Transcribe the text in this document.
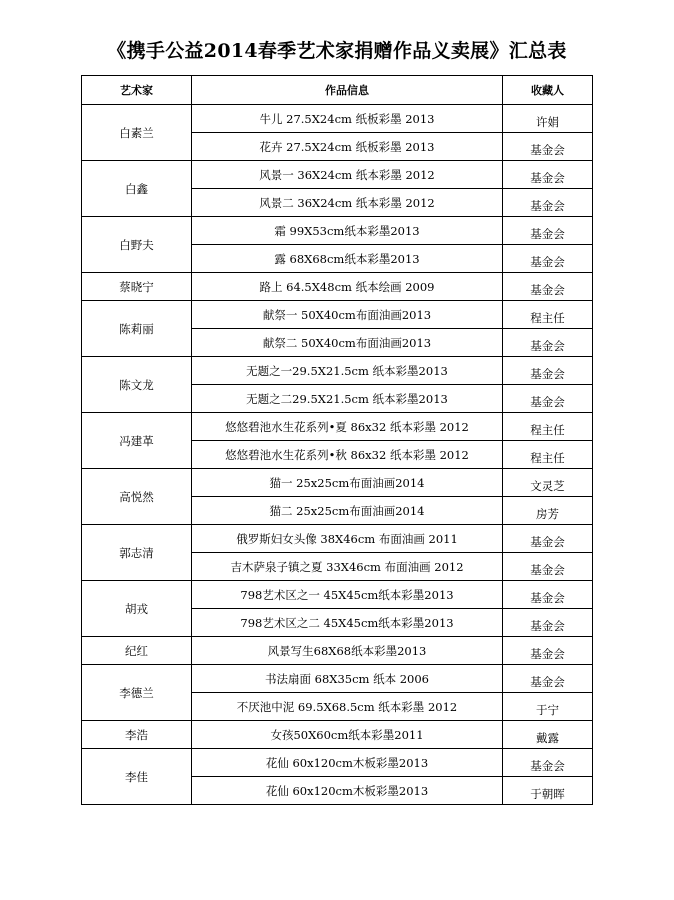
《携手公益2014春季艺术家捐赠作品义卖展》汇总表
艺术家	作品信息	收藏人
白素兰	牛儿 27.5X24cm 纸板彩墨 2013	许娟
	花卉 27.5X24cm 纸板彩墨 2013	基金会
白鑫	风景一 36X24cm 纸本彩墨 2012	基金会
	风景二 36X24cm 纸本彩墨 2012	基金会
白野夫	霜 99X53cm纸本彩墨2013	基金会
	露 68X68cm纸本彩墨2013	基金会
蔡晓宁	路上 64.5X48cm 纸本绘画 2009	基金会
陈莉丽	献祭一 50X40cm布面油画2013	程主任
	献祭二 50X40cm布面油画2013	基金会
陈文龙	无题之一29.5X21.5cm 纸本彩墨2013	基金会
	无题之二29.5X21.5cm 纸本彩墨2013	基金会
冯建革	悠悠碧池水生花系列•夏 86x32 纸本彩墨 2012	程主任
	悠悠碧池水生花系列•秋 86x32 纸本彩墨 2012	程主任
高悦然	猫一 25x25cm布面油画2014	文灵芝
	猫二 25x25cm布面油画2014	房芳
郭志清	俄罗斯妇女头像 38X46cm 布面油画 2011	基金会
	吉木萨泉子镇之夏 33X46cm 布面油画 2012	基金会
胡戎	798艺术区之一 45X45cm纸本彩墨2013	基金会
	798艺术区之二 45X45cm纸本彩墨2013	基金会
纪红	风景写生68X68纸本彩墨2013	基金会
李德兰	书法扇面 68X35cm 纸本 2006	基金会
	不厌池中泥 69.5X68.5cm 纸本彩墨 2012	于宁
李浩	女孩50X60cm纸本彩墨2011	戴露
李佳	花仙 60x120cm木板彩墨2013	基金会
	花仙 60x120cm木板彩墨2013	于朝晖
